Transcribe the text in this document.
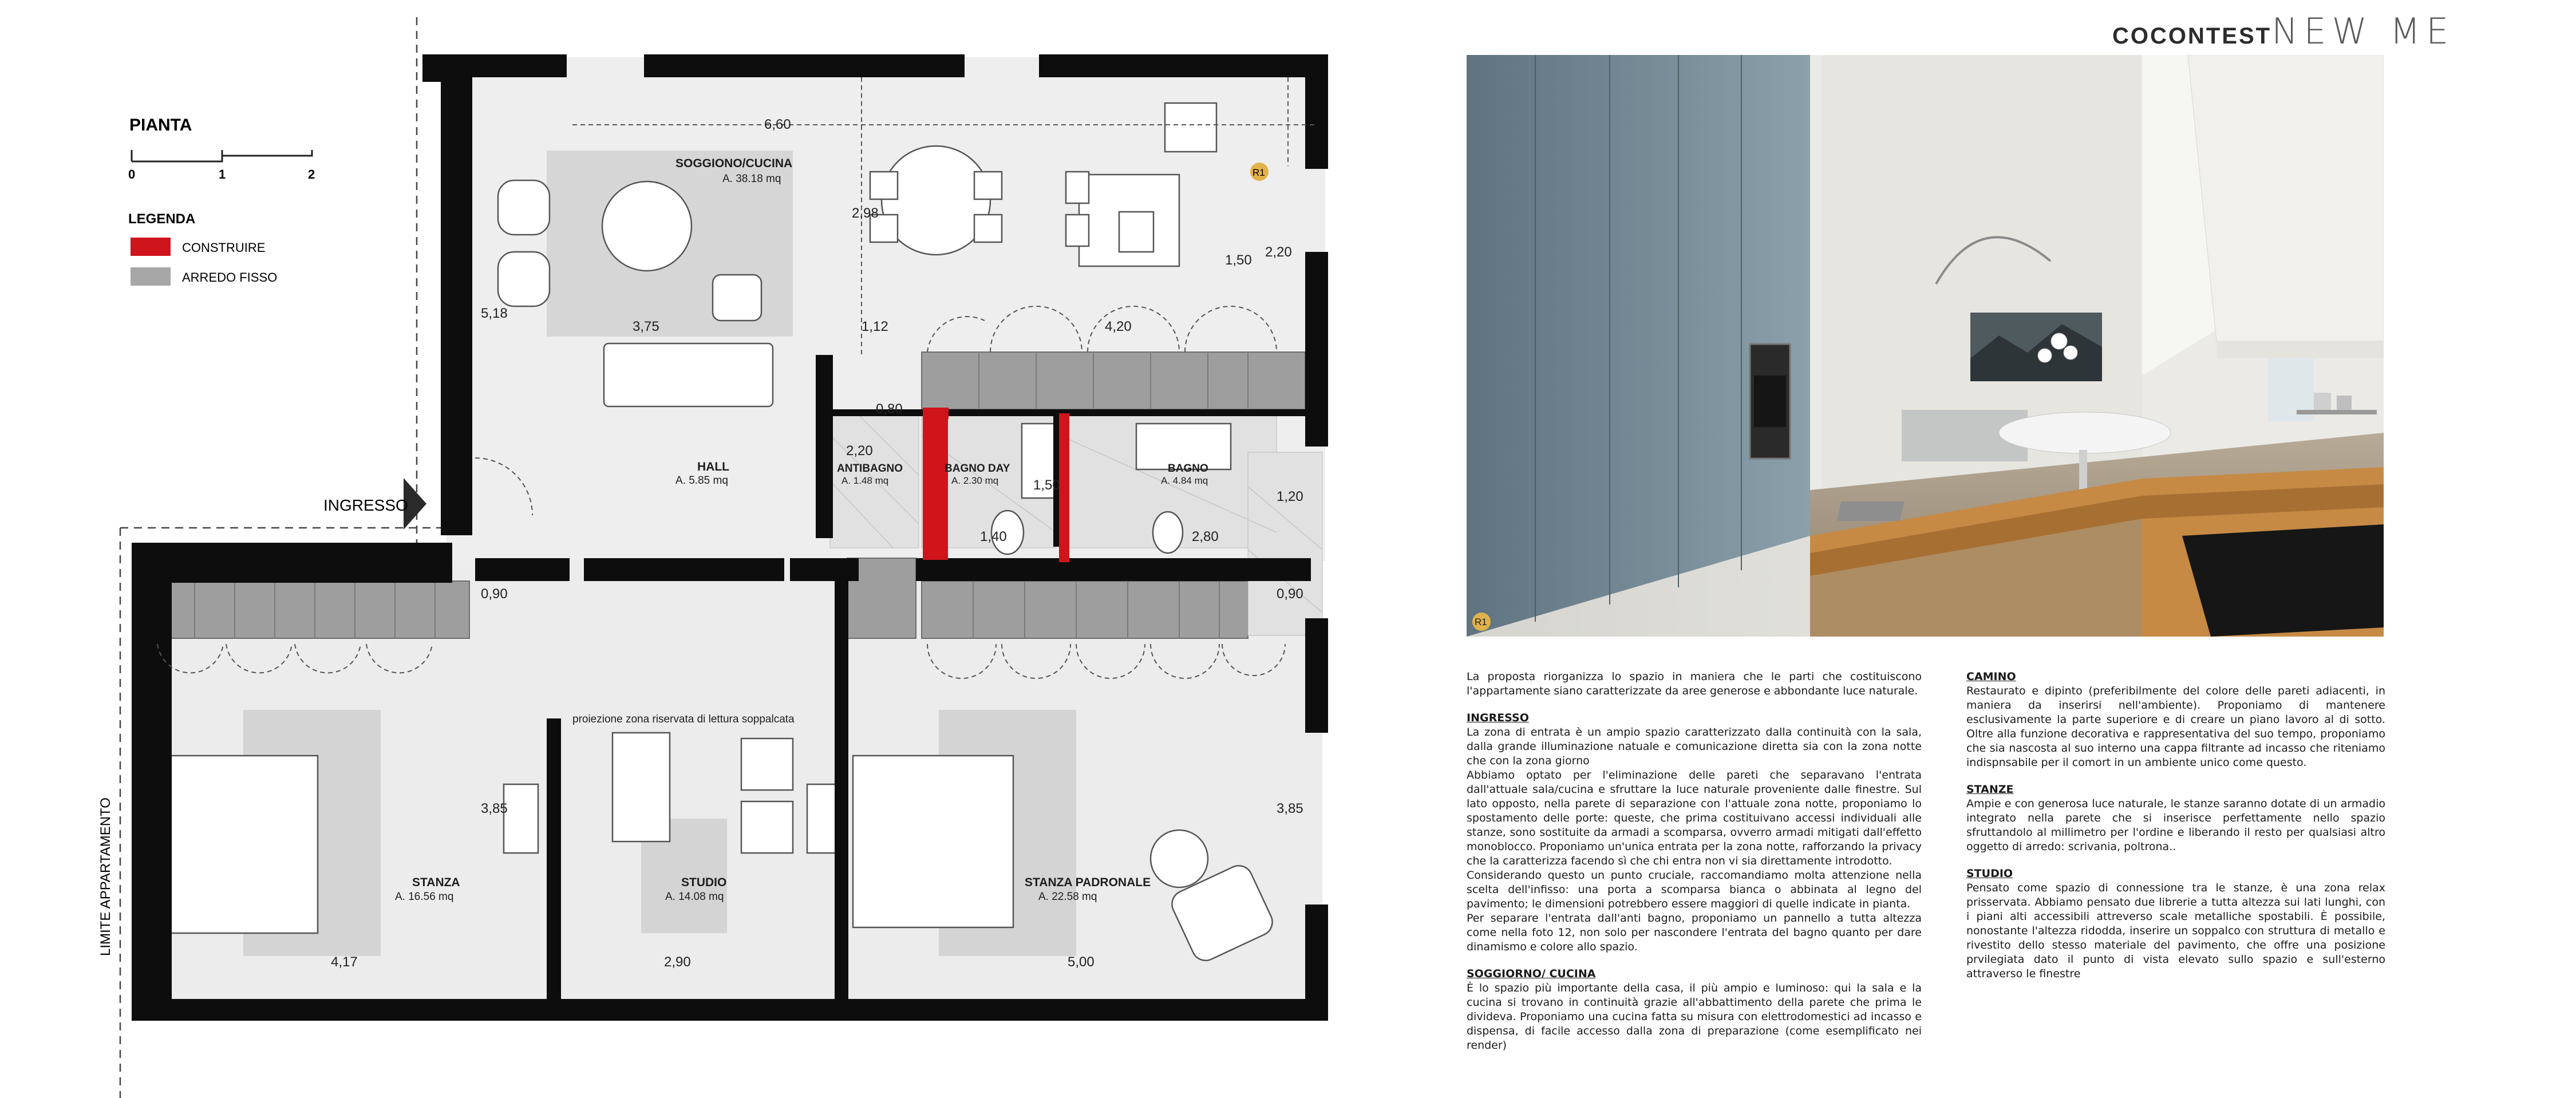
PIANTA
0	1	2
LEGENDA
CONSTRUIRE
ARREDO FISSO
LIMITE APPARTAMENTO
INGRESSO
6,60
2,98
2,20
1,50
5,18
3,75	1,12	4,20
0,80
2,20
1,50
1,20
1,40	2,80
0,90	0,90
3,85	3,85
4,17	2,90	5,00
SOGGIONO/CUCINA
A. 38.18 mq
HALL
A. 5.85 mq
ANTIBAGNO
A. 1.48 mq
BAGNO DAY
A. 2.30 mq
BAGNO
A. 4.84 mq
STANZA
A. 16.56 mq
STUDIO
A. 14.08 mq
STANZA PADRONALE
A. 22.58 mq
proiezione zona riservata di lettura soppalcata
R1
COCONTESTNEW ME
R1

La proposta riorganizza lo spazio in maniera che le parti che costituiscono l'appartamente siano caratterizzate da aree generose e abbondante luce naturale.

INGRESSO

La zona di entrata è un ampio spazio caratterizzato dalla continuità con la sala, dalla grande illuminazione natuale e comunicazione diretta sia con la zona notte che con la zona giorno

Abbiamo optato per l'eliminazione delle pareti che separavano l'entrata dall'attuale sala/cucina e sfruttare la luce naturale proveniente dalle finestre. Sul lato opposto, nella parete di separazione con l'attuale zona notte, proponiamo lo spostamento delle porte: queste, che prima costituivano accessi individuali alle stanze, sono sostituite da armadi a scomparsa, ovverro armadi mitigati dall'effetto monoblocco. Proponiamo un'unica entrata per la zona notte, rafforzando la privacy che la caratterizza facendo sì che chi entra non vi sia direttamente introdotto.

Considerando questo un punto cruciale, raccomandiamo molta attenzione nella scelta dell'infisso: una porta a scomparsa bianca o abbinata al legno del pavimento; le dimensioni potrebbero essere maggiori di quelle indicate in pianta.

Per separare l'entrata dall'anti bagno, proponiamo un pannello a tutta altezza come nella foto 12, non solo per nascondere l'entrata del bagno quanto per dare dinamismo e colore allo spazio.

SOGGIORNO/ CUCINA

È lo spazio più importante della casa, il più ampio e luminoso: qui la sala e la cucina si trovano in continuità grazie all'abbattimento della parete che prima le divideva. Proponiamo una cucina fatta su misura con elettrodomestici ad incasso e dispensa, di facile accesso dalla zona di preparazione (come esemplificato nei render)

CAMINO

Restaurato e dipinto (preferibilmente del colore delle pareti adiacenti, in maniera da inserirsi nell'ambiente). Proponiamo di mantenere esclusivamente la parte superiore e di creare un piano lavoro al di sotto. Oltre alla funzione decorativa e rappresentativa del suo tempo, proponiamo che sia nascosta al suo interno una cappa filtrante ad incasso che riteniamo indispnsabile per il comort in un ambiente unico come questo.

STANZE

Ampie e con generosa luce naturale, le stanze saranno dotate di un armadio integrato nella parete che si inserisce perfettamente nello spazio sfruttandolo al millimetro per l'ordine e liberando il resto per qualsiasi altro oggetto di arredo: scrivania, poltrona..

STUDIO

Pensato come spazio di connessione tra le stanze, è una zona relax prisservata. Abbiamo pensato due librerie a tutta altezza sui lati lunghi, con i piani alti accessibili attreverso scale metalliche spostabili. È possibile, nonostante l'altezza ridodda, inserire un soppalco con struttura di metallo e rivestito dello stesso materiale del pavimento, che offre una posizione prvilegiata dato il punto di vista elevato sullo spazio e sull'esterno attraverso le finestre
